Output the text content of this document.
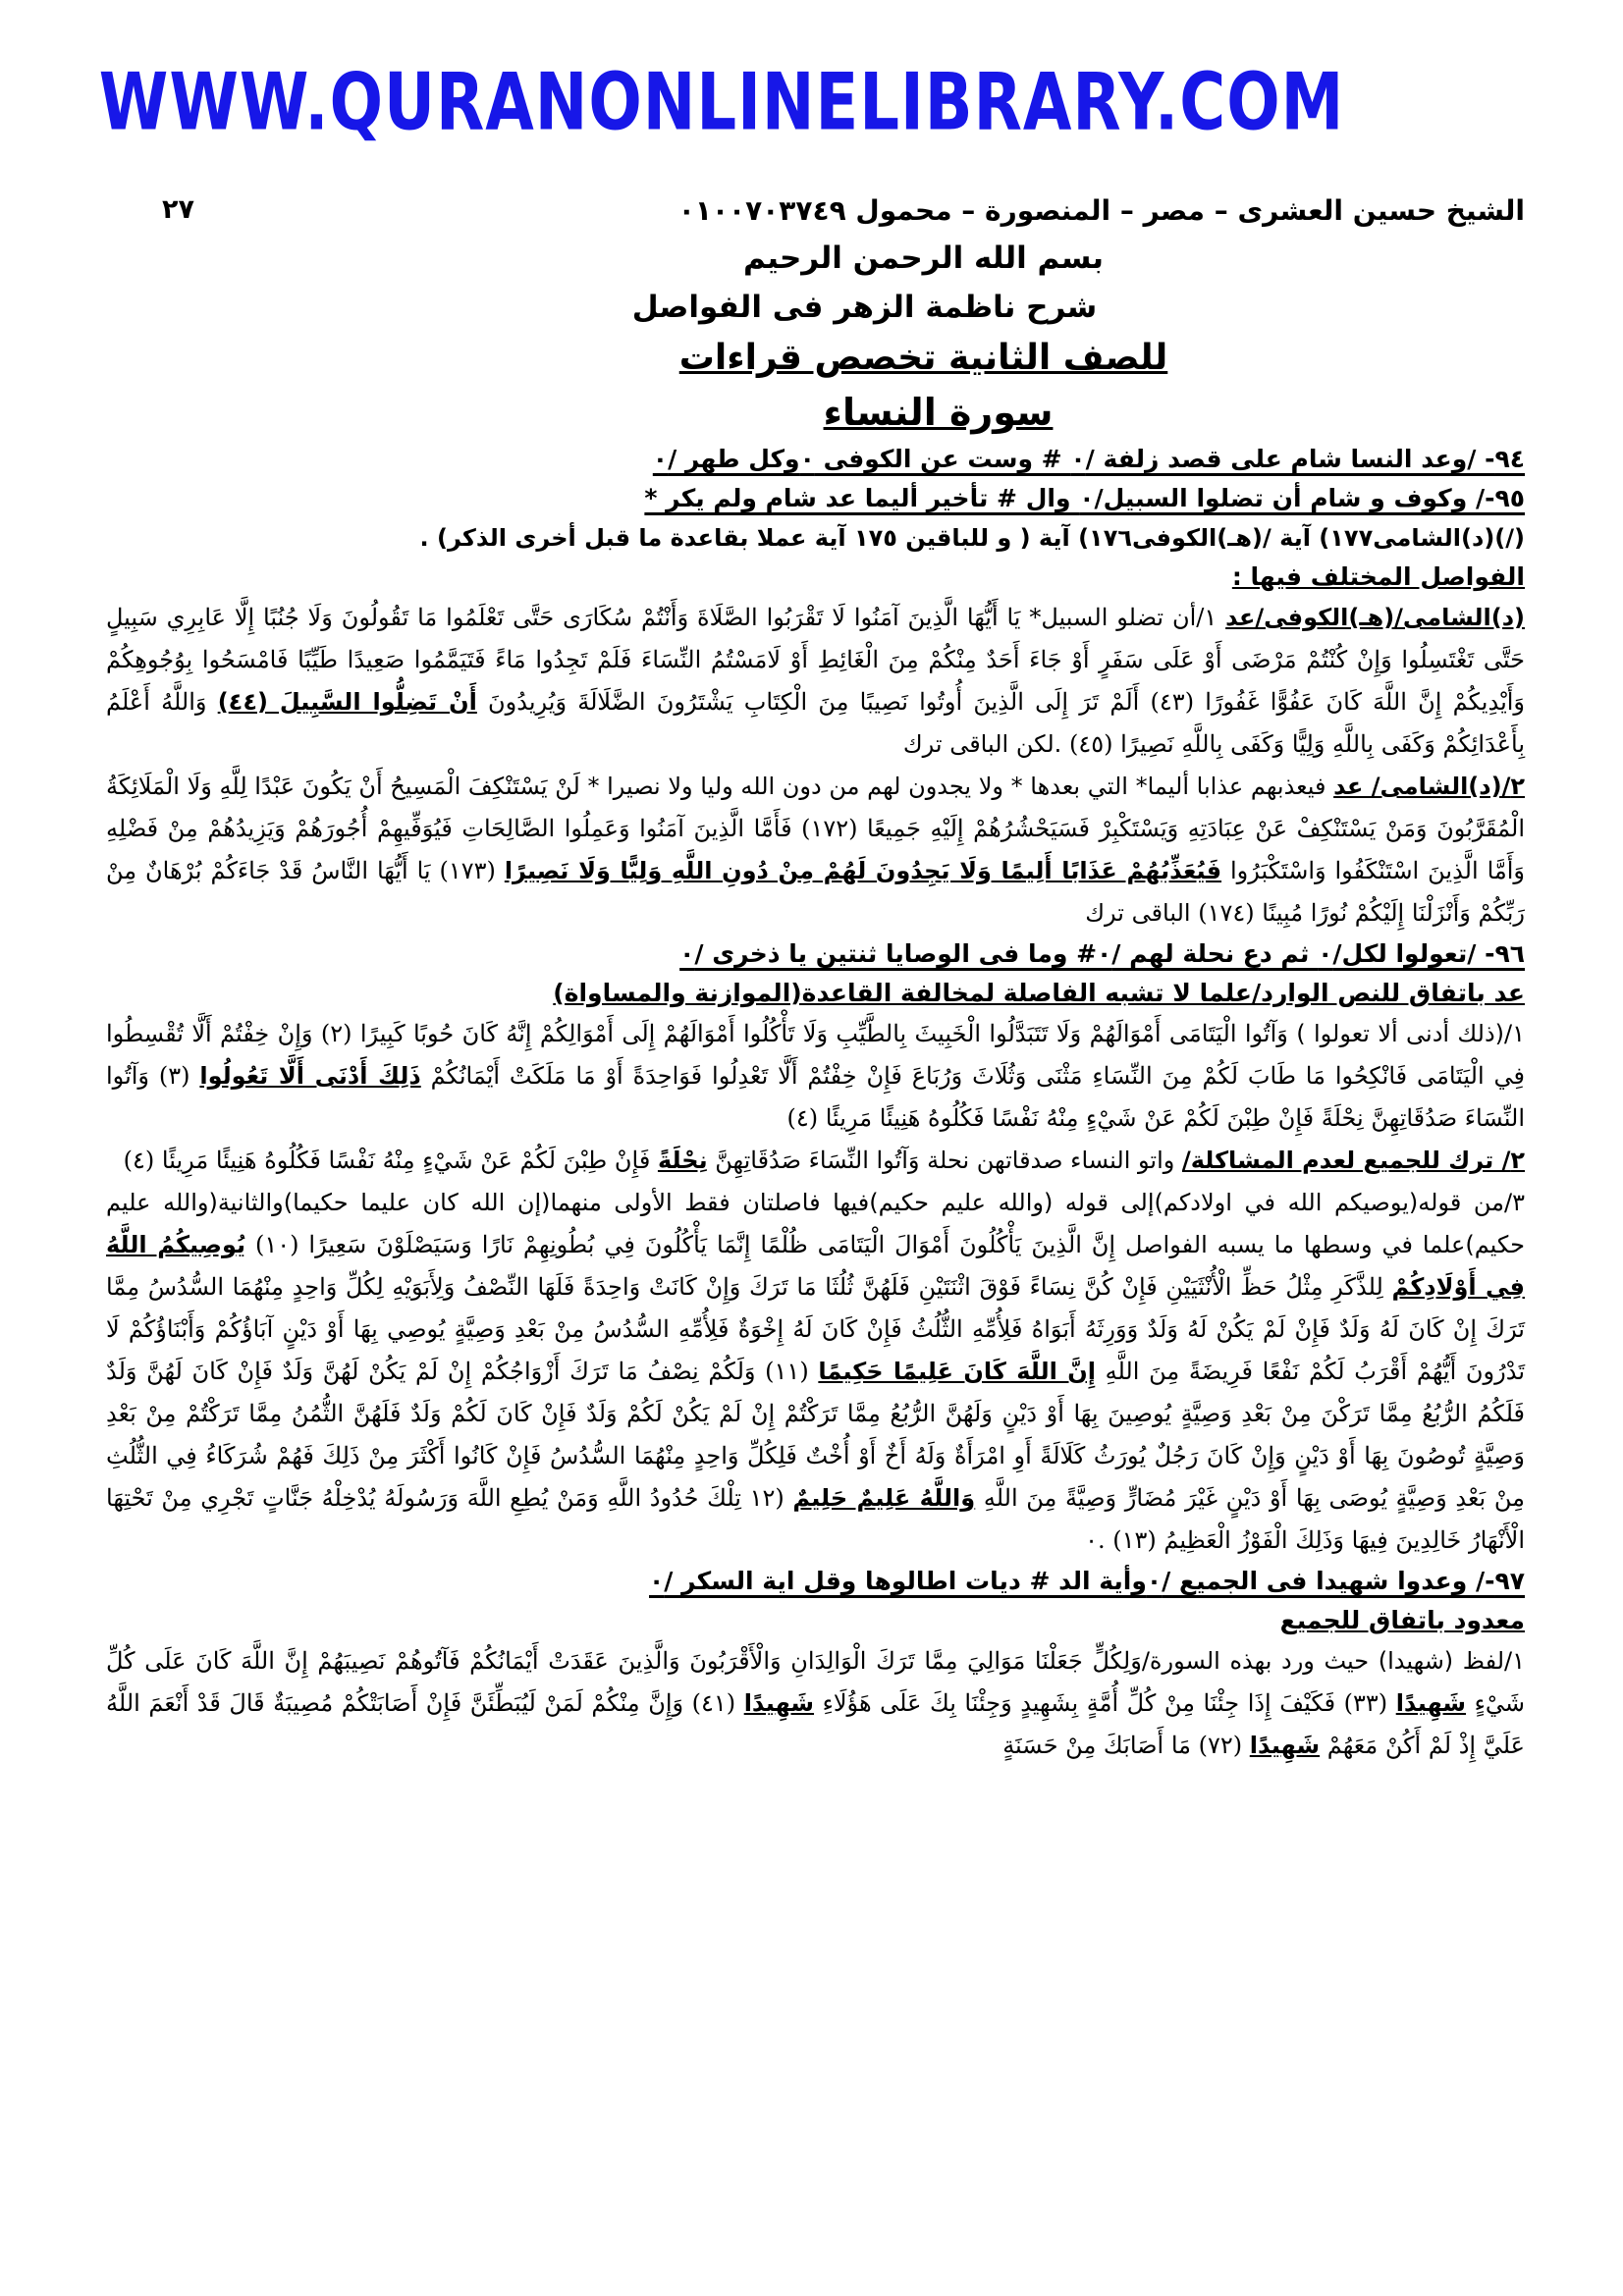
WWW.QURANONLINELIBRARY.COM
٢٧	الشيخ حسين العشرى – مصر – المنصورة – محمول ٠١٠٠٧٠٣٧٤٩
بسم الله الرحمن الرحيم
شرح ناظمة الزهر فى الفواصل
للصف الثانية تخصص قراءات
سورة النساء
٩٤- /وعد النسا شام على قصد زلفة /٠ # وست عن الكوفى ٠وكل طهر /٠
٩٥-/ وكوف و شام أن تضلوا السبيل/٠ وال # تأخير أليما عد شام ولم يكر *
(/)(د)الشامى١٧٧) آية /(هـ)الكوفى١٧٦) آية ( و للباقين ١٧٥ آية عملا بقاعدة ما قبل أخرى الذكر) .
الفواصل المختلف فيها :
(د)الشامى/(هـ)الكوفى/عد ١/أن تضلو السبيل* يَا أَيُّهَا الَّذِينَ آمَنُوا لَا تَقْرَبُوا الصَّلَاةَ وَأَنْتُمْ سُكَارَى حَتَّى تَعْلَمُوا مَا تَقُولُونَ وَلَا جُنُبًا إِلَّا عَابِرِي سَبِيلٍ حَتَّى تَغْتَسِلُوا وَإِنْ كُنْتُمْ مَرْضَى أَوْ عَلَى سَفَرٍ أَوْ جَاءَ أَحَدٌ مِنْكُمْ مِنَ الْغَائِطِ أَوْ لَامَسْتُمُ النِّسَاءَ فَلَمْ تَجِدُوا مَاءً فَتَيَمَّمُوا صَعِيدًا طَيِّبًا فَامْسَحُوا بِوُجُوهِكُمْ وَأَيْدِيكُمْ إِنَّ اللَّهَ كَانَ عَفُوًّا غَفُورًا (٤٣) أَلَمْ تَرَ إِلَى الَّذِينَ أُوتُوا نَصِيبًا مِنَ الْكِتَابِ يَشْتَرُونَ الضَّلَالَةَ وَيُرِيدُونَ أَنْ تَضِلُّوا السَّبِيلَ (٤٤) وَاللَّهُ أَعْلَمُ بِأَعْدَائِكُمْ وَكَفَى بِاللَّهِ وَلِيًّا وَكَفَى بِاللَّهِ نَصِيرًا (٤٥) .لكن الباقى ترك
٢/(د)الشامى/ عد فيعذبهم عذابا أليما* التي بعدها * ولا يجدون لهم من دون الله وليا ولا نصيرا * لَنْ يَسْتَنْكِفَ الْمَسِيحُ أَنْ يَكُونَ عَبْدًا لِلَّهِ وَلَا الْمَلَائِكَةُ الْمُقَرَّبُونَ وَمَنْ يَسْتَنْكِفْ عَنْ عِبَادَتِهِ وَيَسْتَكْبِرْ فَسَيَحْشُرُهُمْ إِلَيْهِ جَمِيعًا (١٧٢) فَأَمَّا الَّذِينَ آمَنُوا وَعَمِلُوا الصَّالِحَاتِ فَيُوَفِّيهِمْ أُجُورَهُمْ وَيَزِيدُهُمْ مِنْ فَضْلِهِ وَأَمَّا الَّذِينَ اسْتَنْكَفُوا وَاسْتَكْبَرُوا فَيُعَذِّبُهُمْ عَذَابًا أَلِيمًا وَلَا يَجِدُونَ لَهُمْ مِنْ دُونِ اللَّهِ وَلِيًّا وَلَا نَصِيرًا (١٧٣) يَا أَيُّهَا النَّاسُ قَدْ جَاءَكُمْ بُرْهَانٌ مِنْ رَبِّكُمْ وَأَنْزَلْنَا إِلَيْكُمْ نُورًا مُبِينًا (١٧٤) الباقى ترك
٩٦- /تعولوا لكل/٠ ثم دع نحلة لهم /٠# وما فى الوصايا ثنتين يا ذخرى /٠
عد باتفاق للنص الوارد/علما لا تشبه الفاصلة لمخالفة القاعدة(الموازنة والمساواة)
١/(ذلك أدنى ألا تعولوا ) وَآتُوا الْيَتَامَى أَمْوَالَهُمْ وَلَا تَتَبَدَّلُوا الْخَبِيثَ بِالطَّيِّبِ وَلَا تَأْكُلُوا أَمْوَالَهُمْ إِلَى أَمْوَالِكُمْ إِنَّهُ كَانَ حُوبًا كَبِيرًا (٢) وَإِنْ خِفْتُمْ أَلَّا تُقْسِطُوا فِي الْيَتَامَى فَانْكِحُوا مَا طَابَ لَكُمْ مِنَ النِّسَاءِ مَثْنَى وَثُلَاثَ وَرُبَاعَ فَإِنْ خِفْتُمْ أَلَّا تَعْدِلُوا فَوَاحِدَةً أَوْ مَا مَلَكَتْ أَيْمَانُكُمْ ذَلِكَ أَدْنَى أَلَّا تَعُولُوا (٣) وَآتُوا النِّسَاءَ صَدُقَاتِهِنَّ نِحْلَةً فَإِنْ طِبْنَ لَكُمْ عَنْ شَيْءٍ مِنْهُ نَفْسًا فَكُلُوهُ هَنِيئًا مَرِيئًا (٤)
٢/ ترك للجميع لعدم المشاكلة/ واتو النساء صدقاتهن نحلة وَآتُوا النِّسَاءَ صَدُقَاتِهِنَّ نِحْلَةً فَإِنْ طِبْنَ لَكُمْ عَنْ شَيْءٍ مِنْهُ نَفْسًا فَكُلُوهُ هَنِيئًا مَرِيئًا (٤)
٣/من قوله(يوصيكم الله في اولادكم)إلى قوله (والله عليم حكيم)فيها فاصلتان فقط الأولى منهما(إن الله كان عليما حكيما)والثانية(والله عليم حكيم)علما في وسطها ما يسبه الفواصل إِنَّ الَّذِينَ يَأْكُلُونَ أَمْوَالَ الْيَتَامَى ظُلْمًا إِنَّمَا يَأْكُلُونَ فِي بُطُونِهِمْ نَارًا وَسَيَصْلَوْنَ سَعِيرًا (١٠) يُوصِيكُمُ اللَّهُ فِي أَوْلَادِكُمْ لِلذَّكَرِ مِثْلُ حَظِّ الْأُنْثَيَيْنِ فَإِنْ كُنَّ نِسَاءً فَوْقَ اثْنَتَيْنِ فَلَهُنَّ ثُلُثَا مَا تَرَكَ وَإِنْ كَانَتْ وَاحِدَةً فَلَهَا النِّصْفُ وَلِأَبَوَيْهِ لِكُلِّ وَاحِدٍ مِنْهُمَا السُّدُسُ مِمَّا تَرَكَ إِنْ كَانَ لَهُ وَلَدٌ فَإِنْ لَمْ يَكُنْ لَهُ وَلَدٌ وَوَرِثَهُ أَبَوَاهُ فَلِأُمِّهِ الثُّلُثُ فَإِنْ كَانَ لَهُ إِخْوَةٌ فَلِأُمِّهِ السُّدُسُ مِنْ بَعْدِ وَصِيَّةٍ يُوصِي بِهَا أَوْ دَيْنٍ آبَاؤُكُمْ وَأَبْنَاؤُكُمْ لَا تَدْرُونَ أَيُّهُمْ أَقْرَبُ لَكُمْ نَفْعًا فَرِيضَةً مِنَ اللَّهِ إِنَّ اللَّهَ كَانَ عَلِيمًا حَكِيمًا (١١) وَلَكُمْ نِصْفُ مَا تَرَكَ أَزْوَاجُكُمْ إِنْ لَمْ يَكُنْ لَهُنَّ وَلَدٌ فَإِنْ كَانَ لَهُنَّ وَلَدٌ فَلَكُمُ الرُّبُعُ مِمَّا تَرَكْنَ مِنْ بَعْدِ وَصِيَّةٍ يُوصِينَ بِهَا أَوْ دَيْنٍ وَلَهُنَّ الرُّبُعُ مِمَّا تَرَكْتُمْ إِنْ لَمْ يَكُنْ لَكُمْ وَلَدٌ فَإِنْ كَانَ لَكُمْ وَلَدٌ فَلَهُنَّ الثُّمُنُ مِمَّا تَرَكْتُمْ مِنْ بَعْدِ وَصِيَّةٍ تُوصُونَ بِهَا أَوْ دَيْنٍ وَإِنْ كَانَ رَجُلٌ يُورَثُ كَلَالَةً أَوِ امْرَأَةٌ وَلَهُ أَخٌ أَوْ أُخْتٌ فَلِكُلِّ وَاحِدٍ مِنْهُمَا السُّدُسُ فَإِنْ كَانُوا أَكْثَرَ مِنْ ذَلِكَ فَهُمْ شُرَكَاءُ فِي الثُّلُثِ مِنْ بَعْدِ وَصِيَّةٍ يُوصَى بِهَا أَوْ دَيْنٍ غَيْرَ مُضَارٍّ وَصِيَّةً مِنَ اللَّهِ وَاللَّهُ عَلِيمٌ حَلِيمٌ (١٢ تِلْكَ حُدُودُ اللَّهِ وَمَنْ يُطِعِ اللَّهَ وَرَسُولَهُ يُدْخِلْهُ جَنَّاتٍ تَجْرِي مِنْ تَحْتِهَا الْأَنْهَارُ خَالِدِينَ فِيهَا وَذَلِكَ الْفَوْزُ الْعَظِيمُ (١٣) .٠
٩٧-/ وعدوا شهيدا فى الجميع /٠وأية الد # ديات اطالوها وقل اية السكر /٠
معدود باتفاق للجميع
١/لفظ (شهيدا) حيث ورد بهذه السورة/وَلِكُلٍّ جَعَلْنَا مَوَالِيَ مِمَّا تَرَكَ الْوَالِدَانِ وَالْأَقْرَبُونَ وَالَّذِينَ عَقَدَتْ أَيْمَانُكُمْ فَآتُوهُمْ نَصِيبَهُمْ إِنَّ اللَّهَ كَانَ عَلَى كُلِّ شَيْءٍ شَهِيدًا (٣٣) فَكَيْفَ إِذَا جِئْنَا مِنْ كُلِّ أُمَّةٍ بِشَهِيدٍ وَجِئْنَا بِكَ عَلَى هَؤُلَاءِ شَهِيدًا (٤١) وَإِنَّ مِنْكُمْ لَمَنْ لَيُبَطِّئَنَّ فَإِنْ أَصَابَتْكُمْ مُصِيبَةٌ قَالَ قَدْ أَنْعَمَ اللَّهُ عَلَيَّ إِذْ لَمْ أَكُنْ مَعَهُمْ شَهِيدًا (٧٢) مَا أَصَابَكَ مِنْ حَسَنَةٍ
